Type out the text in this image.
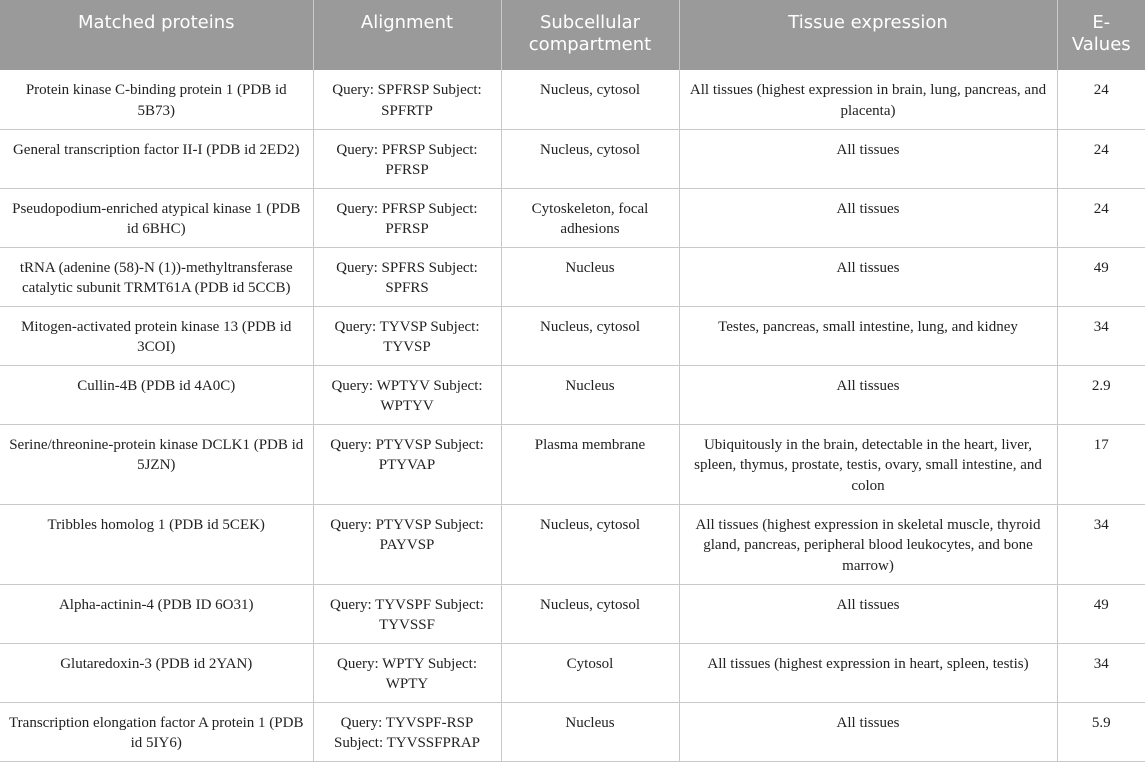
Matched proteins	Alignment	Subcellular compartment	Tissue expression	E-Values
Protein kinase C-binding protein 1 (PDB id 5B73)	Query: SPFRSP Subject: SPFRTP	Nucleus, cytosol	All tissues (highest expression in brain, lung, pancreas, and placenta)	24
General transcription factor II-I (PDB id 2ED2)	Query: PFRSP Subject: PFRSP	Nucleus, cytosol	All tissues	24
Pseudopodium-enriched atypical kinase 1 (PDB id 6BHC)	Query: PFRSP Subject: PFRSP	Cytoskeleton, focal adhesions	All tissues	24
tRNA (adenine (58)-N (1))-methyltransferase catalytic subunit TRMT61A (PDB id 5CCB)	Query: SPFRS Subject: SPFRS	Nucleus	All tissues	49
Mitogen-activated protein kinase 13 (PDB id 3COI)	Query: TYVSP Subject: TYVSP	Nucleus, cytosol	Testes, pancreas, small intestine, lung, and kidney	34
Cullin-4B (PDB id 4A0C)	Query: WPTYV Subject: WPTYV	Nucleus	All tissues	2.9
Serine/threonine-protein kinase DCLK1 (PDB id 5JZN)	Query: PTYVSP Subject: PTYVAP	Plasma membrane	Ubiquitously in the brain, detectable in the heart, liver, spleen, thymus, prostate, testis, ovary, small intestine, and colon	17
Tribbles homolog 1 (PDB id 5CEK)	Query: PTYVSP Subject: PAYVSP	Nucleus, cytosol	All tissues (highest expression in skeletal muscle, thyroid gland, pancreas, peripheral blood leukocytes, and bone marrow)	34
Alpha-actinin-4 (PDB ID 6O31)	Query: TYVSPF Subject: TYVSSF	Nucleus, cytosol	All tissues	49
Glutaredoxin-3 (PDB id 2YAN)	Query: WPTY Subject: WPTY	Cytosol	All tissues (highest expression in heart, spleen, testis)	34
Transcription elongation factor A protein 1 (PDB id 5IY6)	Query: TYVSPF-RSP Subject: TYVSSFPRAP	Nucleus	All tissues	5.9
